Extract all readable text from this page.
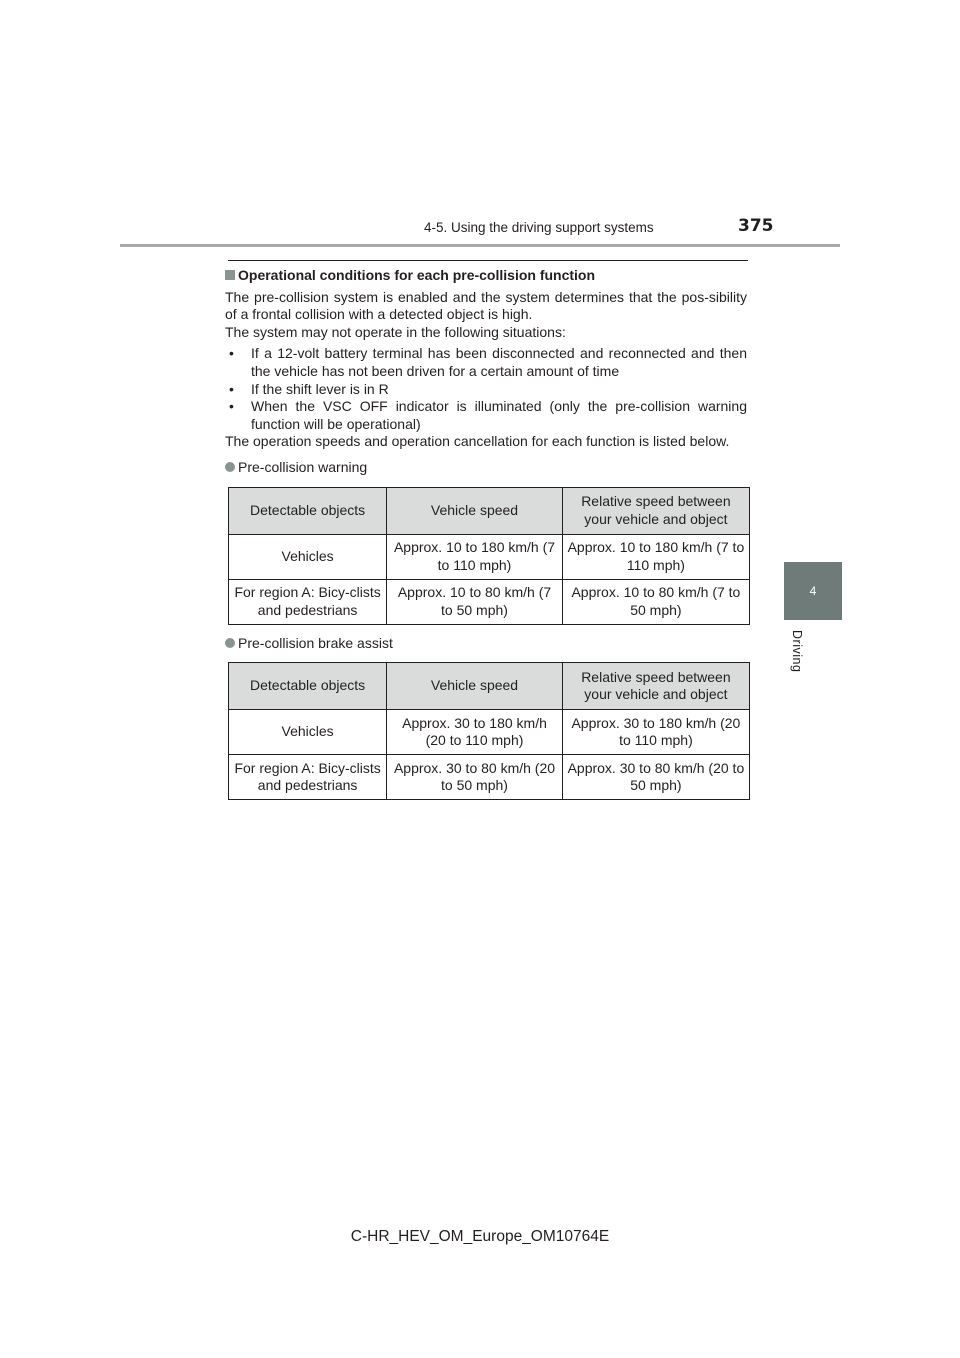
4-5. Using the driving support systems	375
4
Driving

Operational conditions for each pre-collision function

The pre-collision system is enabled and the system determines that the pos-sibility of a frontal collision with a detected object is high.

The system may not operate in the following situations:

• If a 12-volt battery terminal has been disconnected and reconnected and then the vehicle has not been driven for a certain amount of time
• If the shift lever is in R
• When the VSC OFF indicator is illuminated (only the pre-collision warning function will be operational)

The operation speeds and operation cancellation for each function is listed below.

Pre-collision warning

Detectable objects	Vehicle speed	Relative speed between your vehicle and object
Vehicles	Approx. 10 to 180 km/h (7 to 110 mph)	Approx. 10 to 180 km/h (7 to 110 mph)
For region A: Bicy-clists and pedestrians	Approx. 10 to 80 km/h (7 to 50 mph)	Approx. 10 to 80 km/h (7 to 50 mph)

Pre-collision brake assist

Detectable objects	Vehicle speed	Relative speed between your vehicle and object
Vehicles	Approx. 30 to 180 km/h (20 to 110 mph)	Approx. 30 to 180 km/h (20 to 110 mph)
For region A: Bicy-clists and pedestrians	Approx. 30 to 80 km/h (20 to 50 mph)	Approx. 30 to 80 km/h (20 to 50 mph)
C-HR_HEV_OM_Europe_OM10764E
